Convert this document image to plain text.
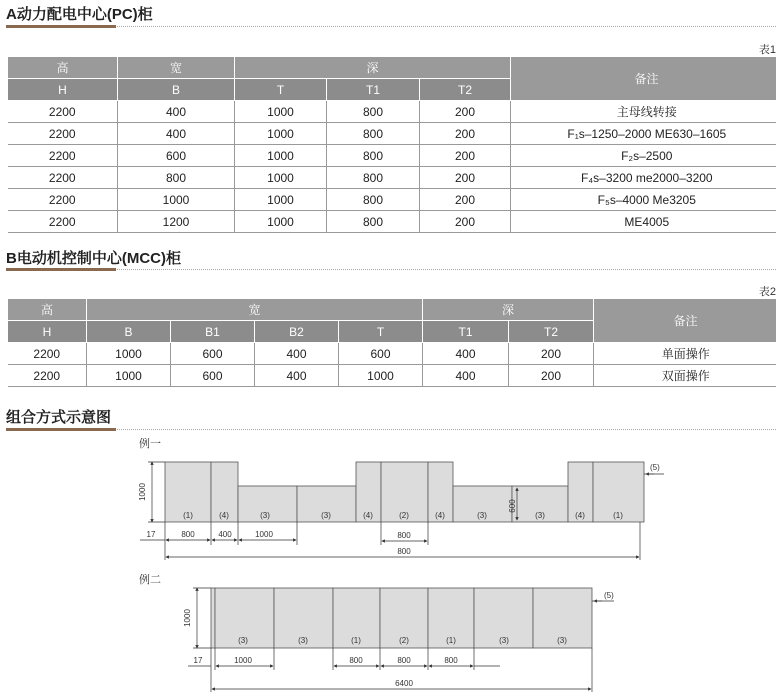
A动力配电中心(PC)柜
表1
高	宽	深			备注
H	B	T	T1	T2	
2200	400	1000	800	200	主母线转接
2200	400	1000	800	200	F₁s–1250–2000 ME630–1605
2200	600	1000	800	200	F₂s–2500
2200	800	1000	800	200	F₄s–3200 me2000–3200
2200	1000	1000	800	200	F₅s–4000 Me3205
2200	1200	1000	800	200	ME4005
B电动机控制中心(MCC)柜
表2
高	宽				深		备注
H	B	B1	B2	T	T1	T2	
2200	1000	600	400	600	400	200	单面操作
2200	1000	600	400	1000	400	200	双面操作
组合方式示意图
例一
(1)	(4)	(3)	(3)	(4)	(2)	(4)	(3)	(3)	(4)	(1)
1000
600
(5)
17	800	400	1000	800
800
例二
(3)	(3)	(1)	(2)	(1)	(3)	(3)
1000
(5)
17	1000	800	800	800
6400
